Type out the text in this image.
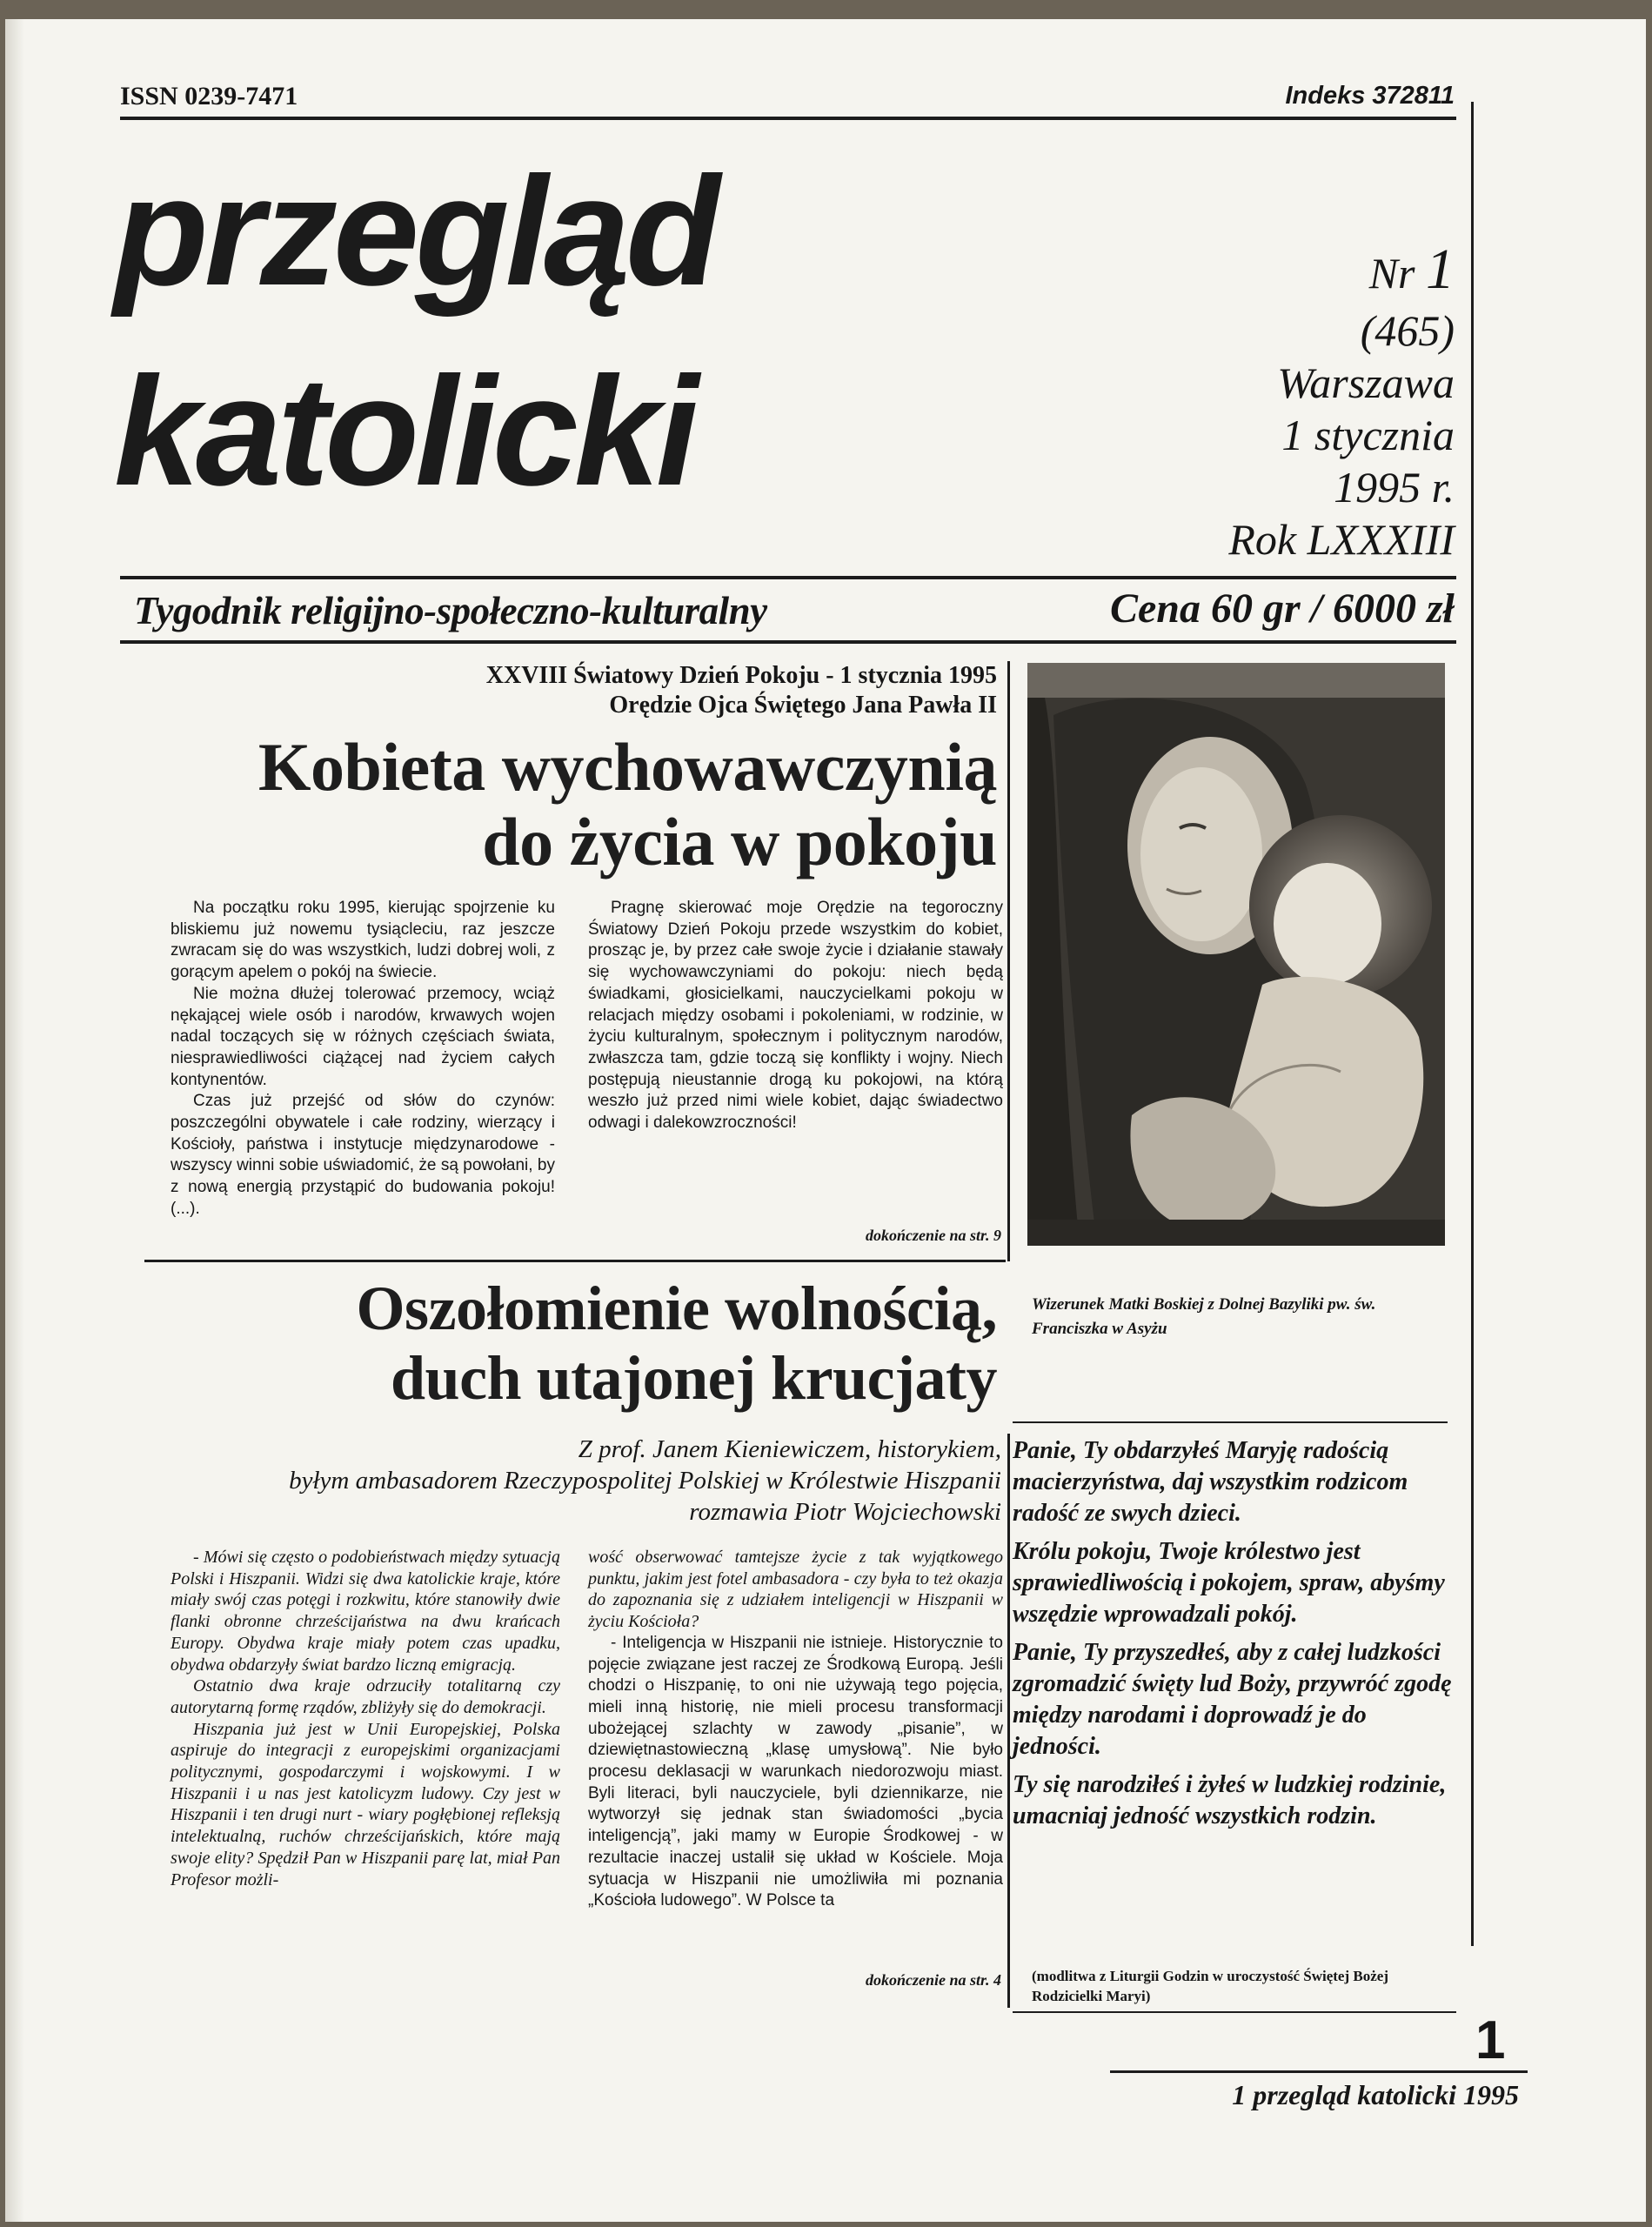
ISSN 0239-7471	Indeks 372811
przegląd
katolicki
Nr 1
(465)
Warszawa
1 stycznia
1995 r.
Rok LXXXIII
Tygodnik religijno-społeczno-kulturalny	Cena 60 gr / 6000 zł
XXVIII Światowy Dzień Pokoju - 1 stycznia 1995
Orędzie Ojca Świętego Jana Pawła II
Kobieta wychowawczynią
do życia w pokoju

Na początku roku 1995, kierując spojrzenie ku bliskiemu już nowemu tysiącleciu, raz jeszcze zwracam się do was wszystkich, ludzi dobrej woli, z gorącym apelem o pokój na świecie.

Nie można dłużej tolerować przemocy, wciąż nękającej wiele osób i narodów, krwawych wojen nadal toczących się w różnych częściach świata, niesprawiedliwości ciążącej nad życiem całych kontynentów.

Czas już przejść od słów do czynów: poszczególni obywatele i całe rodziny, wierzący i Kościoły, państwa i instytucje międzynarodowe - wszyscy winni sobie uświadomić, że są powołani, by z nową energią przystąpić do budowania pokoju! (...).

Pragnę skierować moje Orędzie na tegoroczny Światowy Dzień Pokoju przede wszystkim do kobiet, prosząc je, by przez całe swoje życie i działanie stawały się wychowawczyniami do pokoju: niech będą świadkami, głosicielkami, nauczycielkami pokoju w relacjach między osobami i pokoleniami, w rodzinie, w życiu kulturalnym, społecznym i politycznym narodów, zwłaszcza tam, gdzie toczą się konflikty i wojny. Niech postępują nieustannie drogą ku pokojowi, na którą weszło już przed nimi wiele kobiet, dając świadectwo odwagi i dalekowzroczności!

dokończenie na str. 9
Wizerunek Matki Boskiej z Dolnej Bazyliki pw. św. Franciszka w Asyżu
Oszołomienie wolnością,
duch utajonej krucjaty
Z prof. Janem Kieniewiczem, historykiem,
byłym ambasadorem Rzeczypospolitej Polskiej w Królestwie Hiszpanii
rozmawia Piotr Wojciechowski

- Mówi się często o podobieństwach między sytuacją Polski i Hiszpanii. Widzi się dwa katolickie kraje, które miały swój czas potęgi i rozkwitu, które stanowiły dwie flanki obronne chrześcijaństwa na dwu krańcach Europy. Obydwa kraje miały potem czas upadku, obydwa obdarzyły świat bardzo liczną emigracją.

Ostatnio dwa kraje odrzuciły totalitarną czy autorytarną formę rządów, zbliżyły się do demokracji.

Hiszpania już jest w Unii Europejskiej, Polska aspiruje do integracji z europejskimi organizacjami politycznymi, gospodarczymi i wojskowymi. I w Hiszpanii i u nas jest katolicyzm ludowy. Czy jest w Hiszpanii i ten drugi nurt - wiary pogłębionej refleksją intelektualną, ruchów chrześcijańskich, które mają swoje elity? Spędził Pan w Hiszpanii parę lat, miał Pan Profesor możli-

wość obserwować tamtejsze życie z tak wyjątkowego punktu, jakim jest fotel ambasadora - czy była to też okazja do zapoznania się z udziałem inteligencji w Hiszpanii w życiu Kościoła?

- Inteligencja w Hiszpanii nie istnieje. Historycznie to pojęcie związane jest raczej ze Środkową Europą. Jeśli chodzi o Hiszpanię, to oni nie używają tego pojęcia, mieli inną historię, nie mieli procesu transformacji ubożejącej szlachty w zawody „pisanie”, w dziewiętnastowieczną „klasę umysłową”. Nie było procesu deklasacji w warunkach niedorozwoju miast. Byli literaci, byli nauczyciele, byli dziennikarze, nie wytworzył się jednak stan świadomości „bycia inteligencją”, jaki mamy w Europie Środkowej - w rezultacie inaczej ustalił się układ w Kościele. Moja sytuacja w Hiszpanii nie umożliwiła mi poznania „Kościoła ludowego”. W Polsce ta

dokończenie na str. 4

Panie, Ty obdarzyłeś Maryję radością macierzyństwa, daj wszystkim rodzicom radość ze swych dzieci.

Królu pokoju, Twoje królestwo jest sprawiedliwością i pokojem, spraw, abyśmy wszędzie wprowadzali pokój.

Panie, Ty przyszedłeś, aby z całej ludzkości zgromadzić święty lud Boży, przywróć zgodę między narodami i doprowadź je do jedności.

Ty się narodziłeś i żyłeś w ludzkiej rodzinie, umacniaj jedność wszystkich rodzin.

(modlitwa z Liturgii Godzin w uroczystość Świętej Bożej Rodzicielki Maryi)
1
1 przegląd katolicki 1995
